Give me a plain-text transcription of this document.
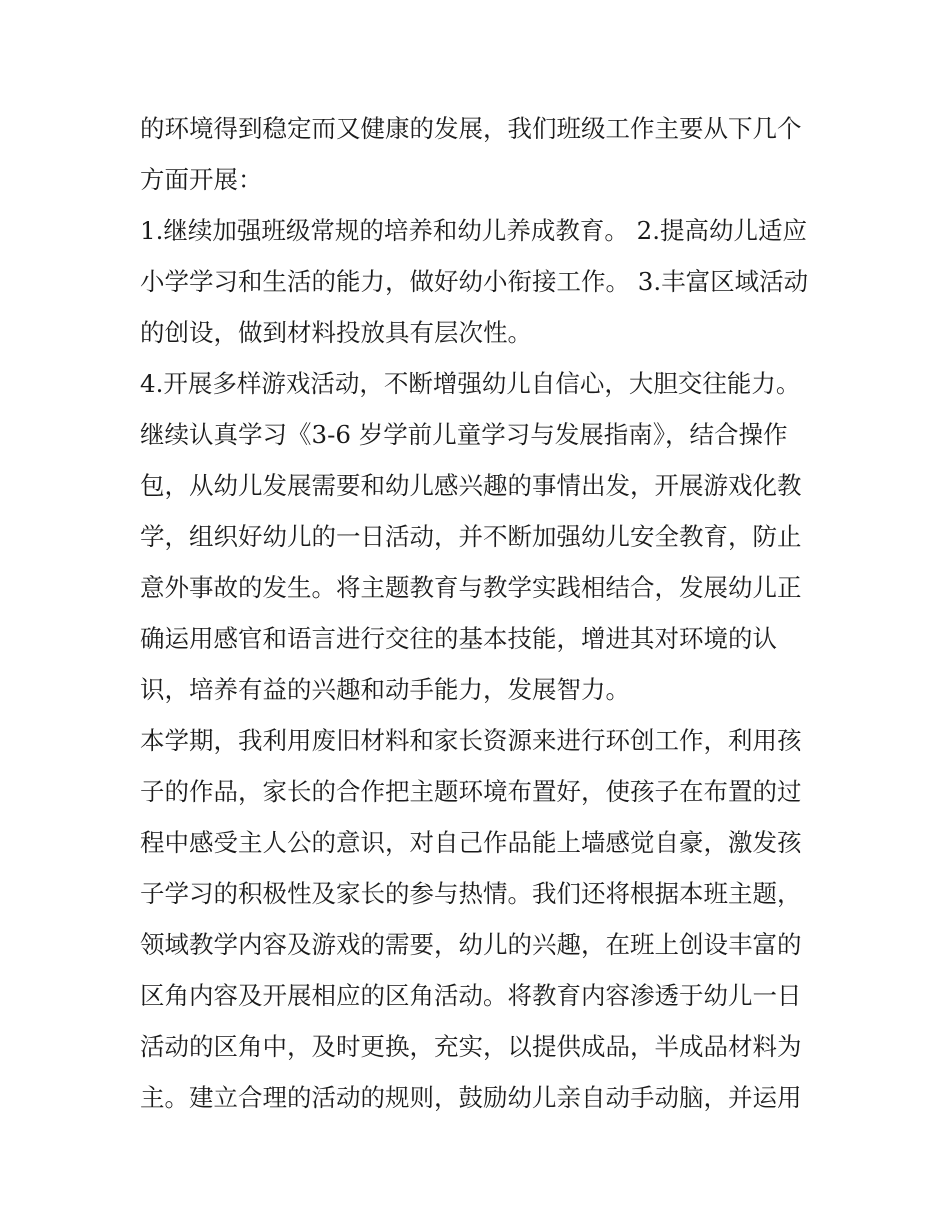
的环境得到稳定而又健康的发展，我们班级工作主要从下几个
方面开展：
1.继续加强班级常规的培养和幼儿养成教育。 2.提高幼儿适应
小学学习和生活的能力，做好幼小衔接工作。 3.丰富区域活动
的创设，做到材料投放具有层次性。
4.开展多样游戏活动，不断增强幼儿自信心，大胆交往能力。
继续认真学习《3-6 岁学前儿童学习与发展指南》，结合操作
包，从幼儿发展需要和幼儿感兴趣的事情出发，开展游戏化教
学，组织好幼儿的一日活动，并不断加强幼儿安全教育，防止
意外事故的发生。将主题教育与教学实践相结合，发展幼儿正
确运用感官和语言进行交往的基本技能，增进其对环境的认
识，培养有益的兴趣和动手能力，发展智力。
本学期，我利用废旧材料和家长资源来进行环创工作，利用孩
子的作品，家长的合作把主题环境布置好，使孩子在布置的过
程中感受主人公的意识，对自己作品能上墙感觉自豪，激发孩
子学习的积极性及家长的参与热情。我们还将根据本班主题，
领域教学内容及游戏的需要，幼儿的兴趣，在班上创设丰富的
区角内容及开展相应的区角活动。将教育内容渗透于幼儿一日
活动的区角中，及时更换，充实，以提供成品，半成品材料为
主。建立合理的活动的规则，鼓励幼儿亲自动手动脑，并运用
